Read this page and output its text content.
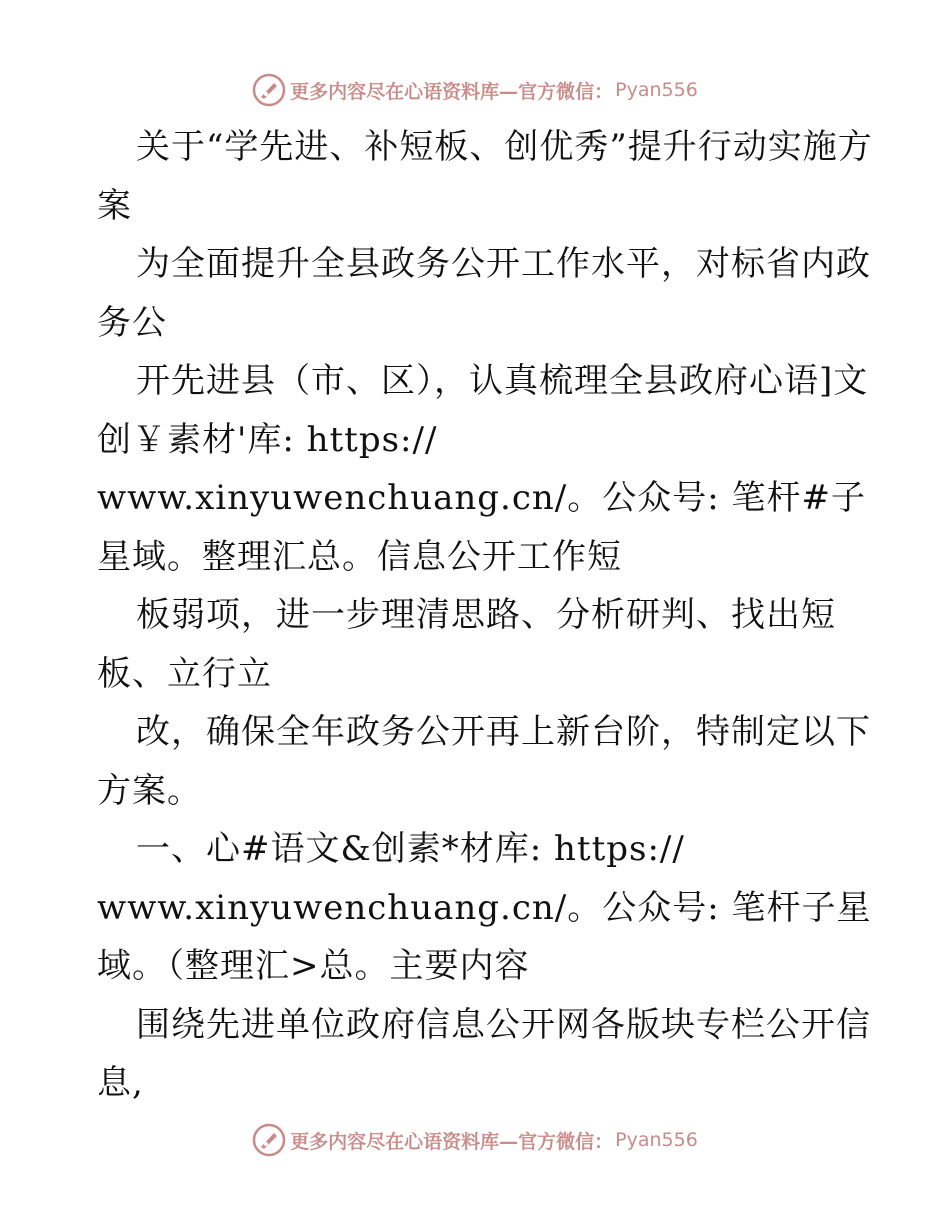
更多内容尽在心语资料库—官方微信： Pyan556

关于“学先进、补短板、创优秀”提升行动实施方案

为全面提升全县政务公开工作水平，对标省内政务公

开先进县（市、区），认真梳理全县政府心语]文创￥素材'库: https://

www.xinyuwenchuang.cn/。公众号: 笔杆#子星域。整理汇总。信息公开工作短

板弱项，进一步理清思路、分析研判、找出短板、立行立

改，确保全年政务公开再上新台阶，特制定以下方案。

一、心#语文&创素*材库: https://

www.xinyuwenchuang.cn/。公众号: 笔杆子星域。（整理汇>总。主要内容

围绕先进单位政府信息公开网各版块专栏公开信息,

更多内容尽在心语资料库—官方微信： Pyan556
